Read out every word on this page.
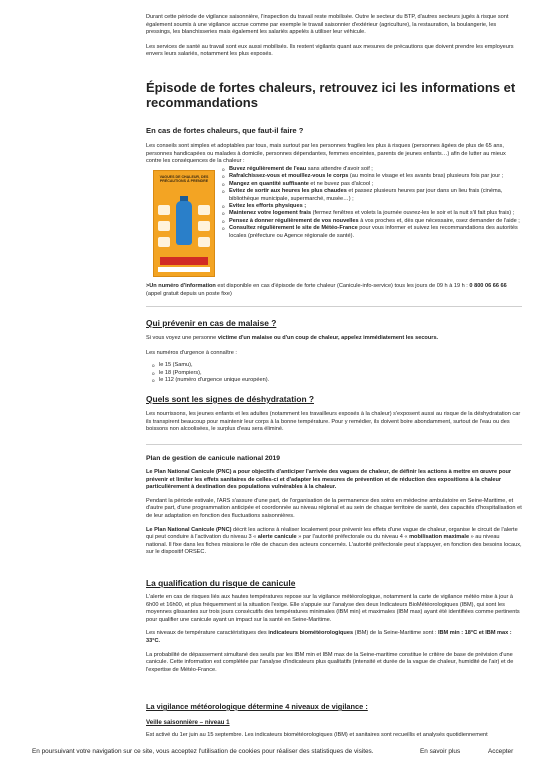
Durant cette période de vigilance saisonnière, l'inspection du travail reste mobilisée. Outre le secteur du BTP, d'autres secteurs jugés à risque sont également soumis à une vigilance accrue comme par exemple le travail saisonnier d'extérieur (agriculture), la restauration, la boulangerie, les pressings, les blanchisseries mais également les salariés appelés à utiliser leur véhicule.

Les services de santé au travail sont eux aussi mobilisés. Ils restent vigilants quant aux mesures de précautions que doivent prendre les employeurs envers leurs salariés, notamment les plus exposés.

Épisode de fortes chaleurs, retrouvez ici les informations et recommandations
En cas de fortes chaleurs, que faut-il faire ?

Les conseils sont simples et adoptables par tous, mais surtout par les personnes fragiles les plus à risques (personnes âgées de plus de 65 ans, personnes handicapées ou malades à domicile, personnes dépendantes, femmes enceintes, parents de jeunes enfants…) afin de lutter au mieux contre les conséquences de la chaleur :

VAGUES DE CHALEUR, DES PRÉCAUTIONS À PRENDRE
o Buvez régulièrement de l'eau sans attendre d'avoir soif ;
o Rafraîchissez-vous et mouillez-vous le corps (au moins le visage et les avants bras) plusieurs fois par jour ;
o Mangez en quantité suffisante et ne buvez pas d'alcool ;
o Evitez de sortir aux heures les plus chaudes et passez plusieurs heures par jour dans un lieu frais (cinéma, bibliothèque municipale, supermarché, musée…) ;
o Evitez les efforts physiques ;
o Maintenez votre logement frais (fermez fenêtres et volets la journée ouvrez-les le soir et la nuit s'il fait plus frais) ;
o Pensez à donner régulièrement de vos nouvelles à vos proches et, dès que nécessaire, osez demander de l'aide ;
o Consultez régulièrement le site de Météo-France pour vous informer et suivez les recommandations des autorités locales (préfecture ou Agence régionale de santé).

>Un numéro d'information est disponible en cas d'épisode de forte chaleur (Canicule-info-service) tous les jours de 09 h à 19 h : 0 800 06 66 66 (appel gratuit depuis un poste fixe)

Qui prévenir en cas de malaise ?

Si vous voyez une personne victime d'un malaise ou d'un coup de chaleur, appelez immédiatement les secours.

Les numéros d'urgence à connaître :

o le 15 (Samu),
o le 18 (Pompiers),
o le 112 (numéro d'urgence unique européen).
Quels sont les signes de déshydratation ?

Les nourrissons, les jeunes enfants et les adultes (notamment les travailleurs exposés à la chaleur) s'exposent aussi au risque de la déshydratation car ils transpirent beaucoup pour maintenir leur corps à la bonne température. Pour y remédier, ils doivent boire abondamment, surtout de l'eau ou des boissons non alcoolisées, le surplus d'eau sera éliminé.

Plan de gestion de canicule national 2019

Le Plan National Canicule (PNC) a pour objectifs d'anticiper l'arrivée des vagues de chaleur, de définir les actions à mettre en œuvre pour prévenir et limiter les effets sanitaires de celles-ci et d'adapter les mesures de prévention et de réduction des expositions à la chaleur particulièrement à destination des populations vulnérables à la chaleur.

Pendant la période estivale, l'ARS s'assure d'une part, de l'organisation de la permanence des soins en médecine ambulatoire en Seine-Maritime, et d'autre part, d'une programmation anticipée et coordonnée au niveau régional et au sein de chaque territoire de santé, des capacités d'hospitalisation et de leur adaptation en fonction des fluctuations saisonnières.

Le Plan National Canicule (PNC) décrit les actions à réaliser localement pour prévenir les effets d'une vague de chaleur, organise le circuit de l'alerte qui peut conduire à l'activation du niveau 3 « alerte canicule » par l'autorité préfectorale ou du niveau 4 « mobilisation maximale » au niveau national. Il fixe dans les fiches missions le rôle de chacun des acteurs concernés. L'autorité préfectorale peut s'appuyer, en fonction des besoins locaux, sur le dispositif ORSEC.

La qualification du risque de canicule

L'alerte en cas de risques liés aux hautes températures repose sur la vigilance météorologique, notamment la carte de vigilance météo mise à jour à 6h00 et 16h00, et plus fréquemment si la situation l'exige. Elle s'appuie sur l'analyse des deux Indicateurs BioMétéorologiques (IBM), qui sont les moyennes glissantes sur trois jours consécutifs des températures minimales (IBM min) et maximales (IBM max) ayant été identifiées comme pertinents pour qualifier une canicule ayant un impact sur la santé en Seine-Maritime.

Les niveaux de température caractéristiques des indicateurs biométéorologiques (IBM) de la Seine-Maritime sont : IBM min : 18°C et IBM max : 33°C.

La probabilité de dépassement simultané des seuils par les IBM min et IBM max de la Seine-maritime constitue le critère de base de prévision d'une canicule. Cette information est complétée par l'analyse d'indicateurs plus qualitatifs (intensité et durée de la vague de chaleur, humidité de l'air) et de l'expertise de Météo-France.

La vigilance météorologique détermine 4 niveaux de vigilance :
Veille saisonnière – niveau 1

Est activé du 1er juin au 15 septembre. Les indicateurs biométéorologiques (IBM) et sanitaires sont recueillis et analysés quotidiennement

En poursuivant votre navigation sur ce site, vous acceptez l'utilisation de cookies pour réaliser des statistiques de visites.	En savoir plus	Accepter
